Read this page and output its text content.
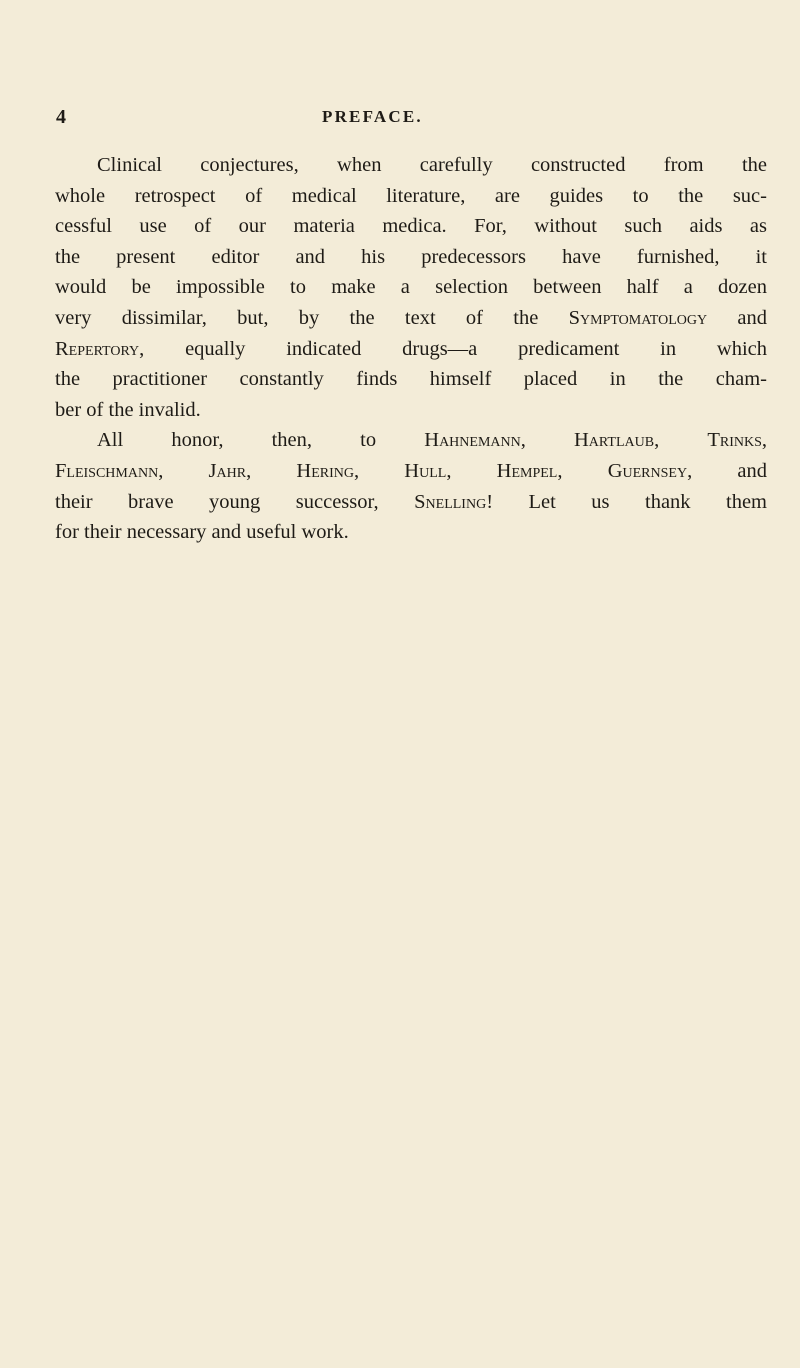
4	PREFACE.
Clinical conjectures, when carefully constructed from the
whole retrospect of medical literature, are guides to the suc-
cessful use of our materia medica. For, without such aids as
the present editor and his predecessors have furnished, it
would be impossible to make a selection between half a dozen
very dissimilar, but, by the text of the Symptomatology and
Repertory, equally indicated drugs—a predicament in which
the practitioner constantly finds himself placed in the cham-
ber of the invalid.
All honor, then, to Hahnemann, Hartlaub, Trinks,
Fleischmann, Jahr, Hering, Hull, Hempel, Guernsey, and
their brave young successor, Snelling! Let us thank them
for their necessary and useful work.
